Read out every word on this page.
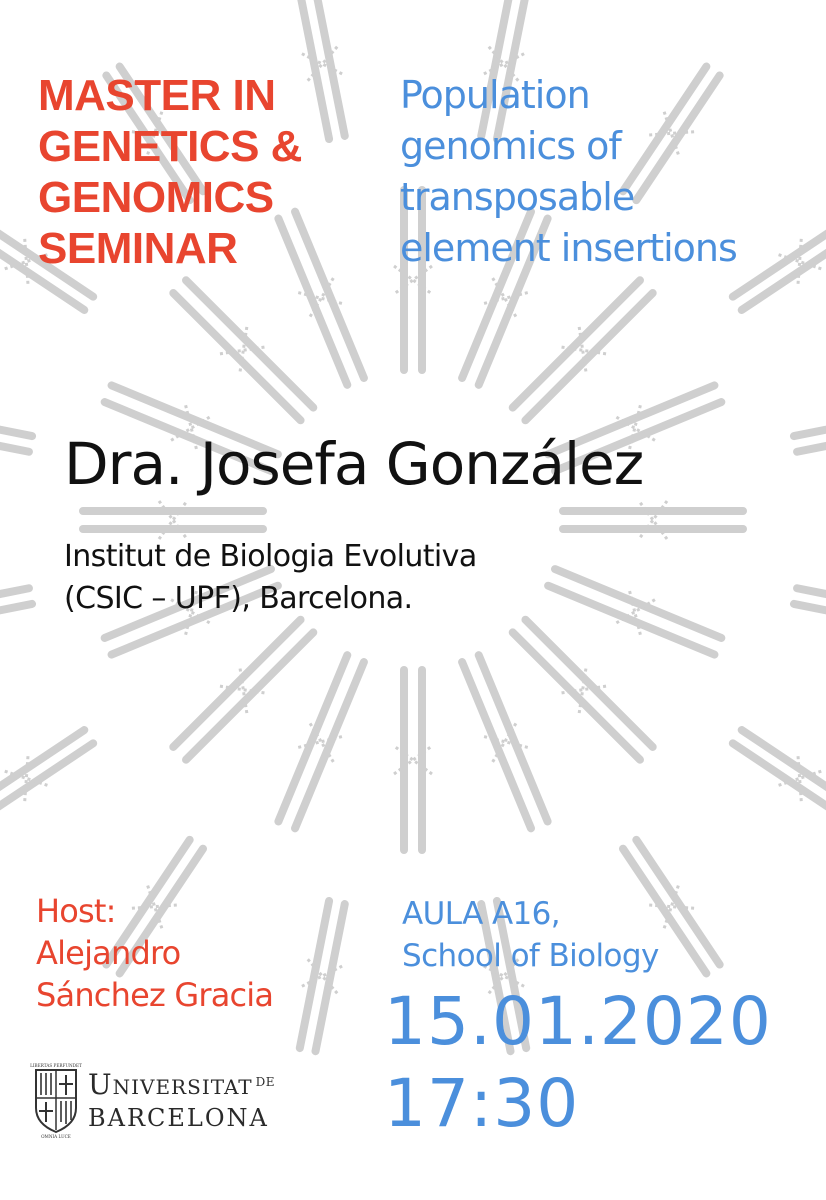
MASTER IN
GENETICS &
GENOMICS
SEMINAR
Population
genomics of
transposable
element insertions
Dra. Josefa González
Institut de Biologia Evolutiva
(CSIC – UPF), Barcelona.
Host:
Alejandro
Sánchez Gracia
AULA A16,
School of Biology
15.01.2020
17:30
LIBERTAS PERFUNDET
OMNIA LUCE
UNIVERSITAT $^{DE}$
BARCELONA
